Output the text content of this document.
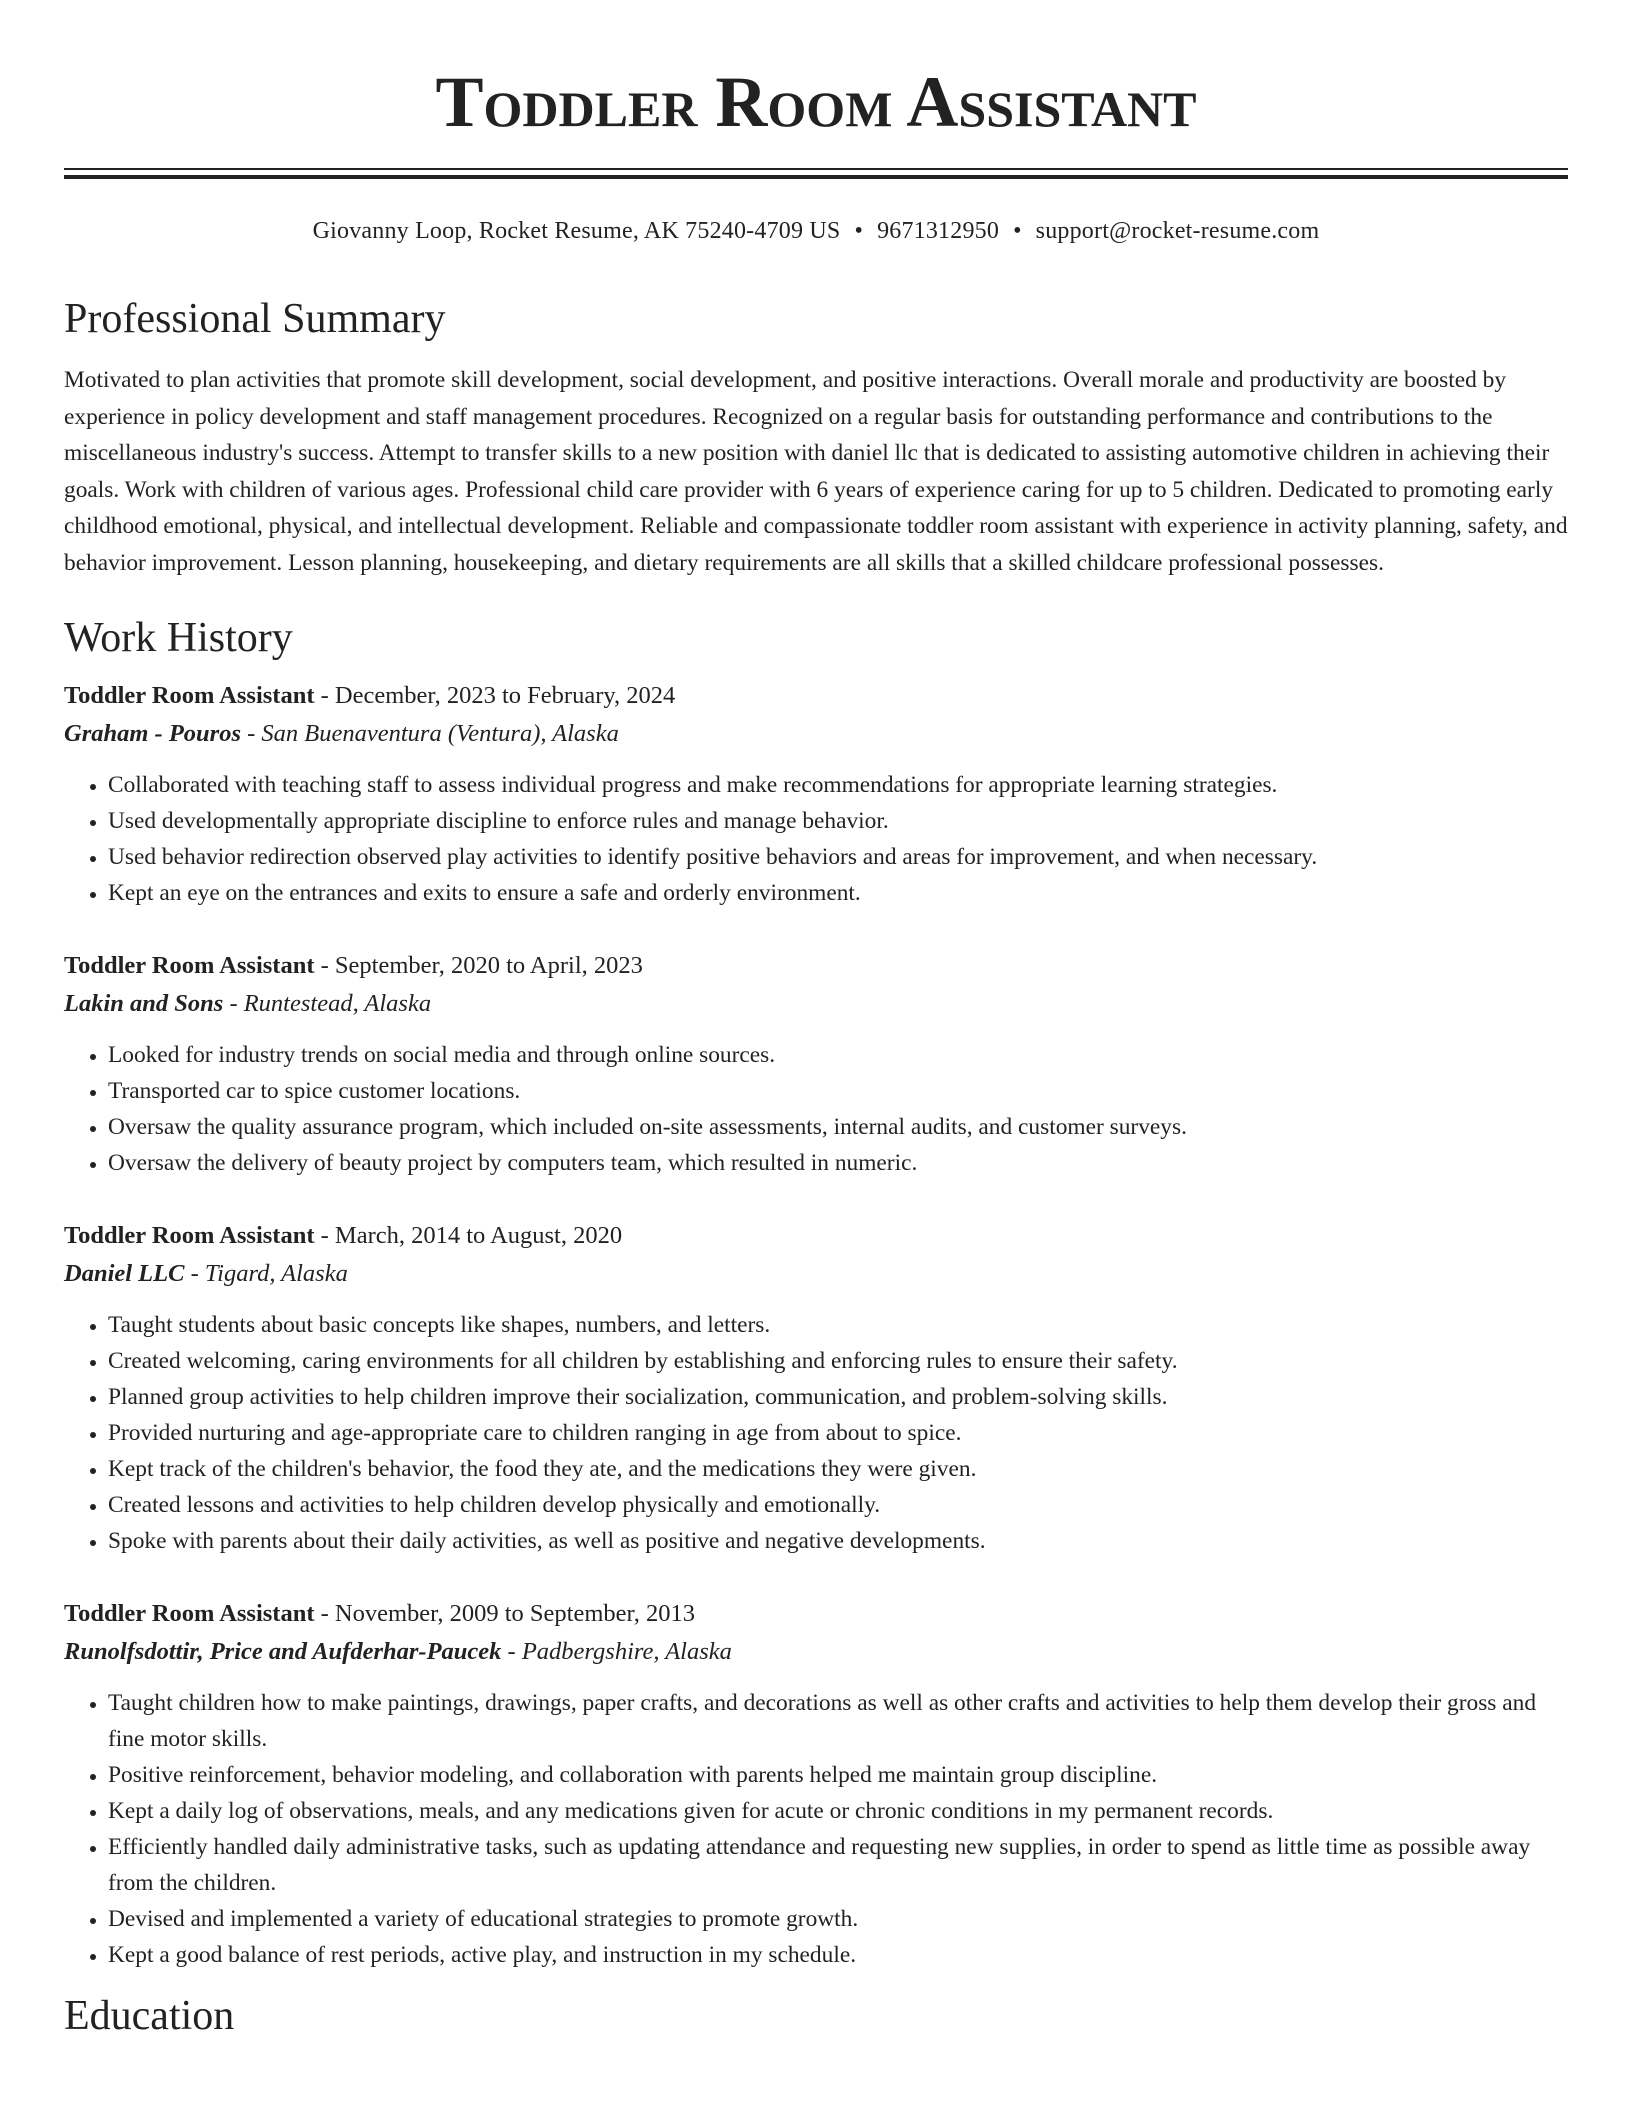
Toddler Room Assistant
Giovanny Loop, Rocket Resume, AK 75240-4709 US • 9671312950 • support@rocket-resume.com
Professional Summary

Motivated to plan activities that promote skill development, social development, and positive interactions. Overall morale and productivity are boosted by experience in policy development and staff management procedures. Recognized on a regular basis for outstanding performance and contributions to the miscellaneous industry's success. Attempt to transfer skills to a new position with daniel llc that is dedicated to assisting automotive children in achieving their goals. Work with children of various ages. Professional child care provider with 6 years of experience caring for up to 5 children. Dedicated to promoting early childhood emotional, physical, and intellectual development. Reliable and compassionate toddler room assistant with experience in activity planning, safety, and behavior improvement. Lesson planning, housekeeping, and dietary requirements are all skills that a skilled childcare professional possesses.

Work History
Toddler Room Assistant - December, 2023 to February, 2024
Graham - Pouros - San Buenaventura (Ventura), Alaska
• Collaborated with teaching staff to assess individual progress and make recommendations for appropriate learning strategies.
• Used developmentally appropriate discipline to enforce rules and manage behavior.
• Used behavior redirection observed play activities to identify positive behaviors and areas for improvement, and when necessary.
• Kept an eye on the entrances and exits to ensure a safe and orderly environment.
Toddler Room Assistant - September, 2020 to April, 2023
Lakin and Sons - Runtestead, Alaska
• Looked for industry trends on social media and through online sources.
• Transported car to spice customer locations.
• Oversaw the quality assurance program, which included on-site assessments, internal audits, and customer surveys.
• Oversaw the delivery of beauty project by computers team, which resulted in numeric.
Toddler Room Assistant - March, 2014 to August, 2020
Daniel LLC - Tigard, Alaska
• Taught students about basic concepts like shapes, numbers, and letters.
• Created welcoming, caring environments for all children by establishing and enforcing rules to ensure their safety.
• Planned group activities to help children improve their socialization, communication, and problem-solving skills.
• Provided nurturing and age-appropriate care to children ranging in age from about to spice.
• Kept track of the children's behavior, the food they ate, and the medications they were given.
• Created lessons and activities to help children develop physically and emotionally.
• Spoke with parents about their daily activities, as well as positive and negative developments.
Toddler Room Assistant - November, 2009 to September, 2013
Runolfsdottir, Price and Aufderhar-Paucek - Padbergshire, Alaska
• Taught children how to make paintings, drawings, paper crafts, and decorations as well as other crafts and activities to help them develop their gross and fine motor skills.
• Positive reinforcement, behavior modeling, and collaboration with parents helped me maintain group discipline.
• Kept a daily log of observations, meals, and any medications given for acute or chronic conditions in my permanent records.
• Efficiently handled daily administrative tasks, such as updating attendance and requesting new supplies, in order to spend as little time as possible away from the children.
• Devised and implemented a variety of educational strategies to promote growth.
• Kept a good balance of rest periods, active play, and instruction in my schedule.
Education
